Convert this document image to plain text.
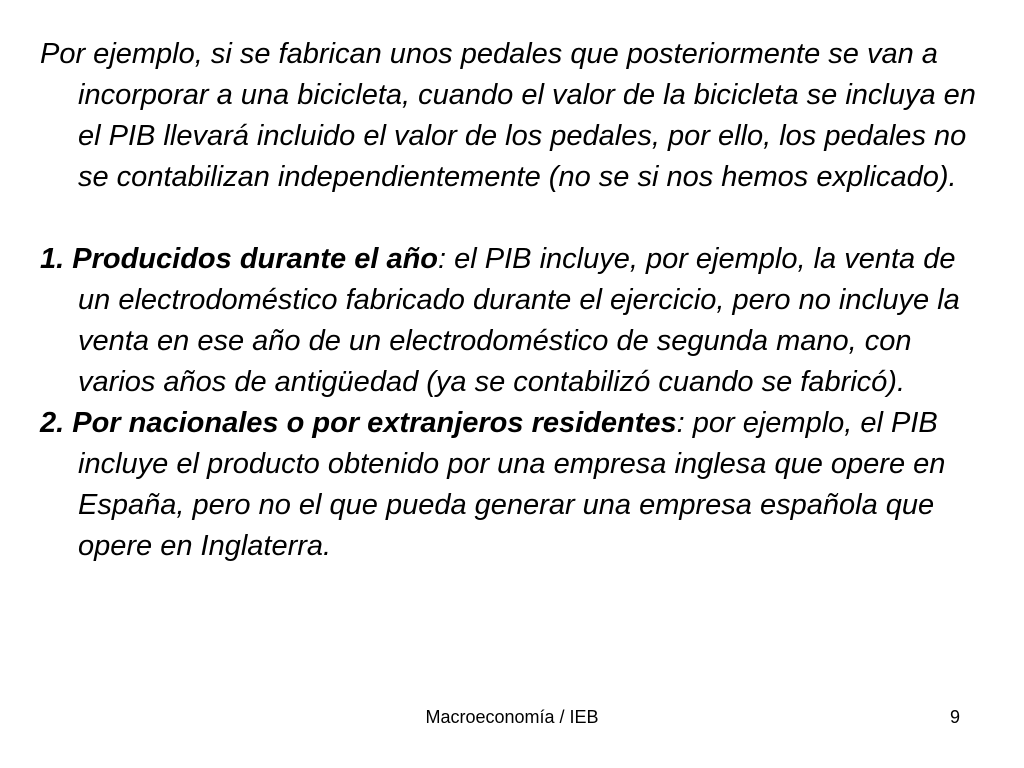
Por ejemplo, si se fabrican unos pedales que posteriormente se van a incorporar a una bicicleta, cuando el valor de la bicicleta se incluya en el PIB llevará incluido el valor de los pedales, por ello, los pedales no se contabilizan independientemente (no se si nos hemos explicado).

1. Producidos durante el año: el PIB incluye, por ejemplo, la venta de un electrodoméstico fabricado durante el ejercicio, pero no incluye la venta en ese año de un electrodoméstico de segunda mano, con varios años de antigüedad (ya se contabilizó cuando se fabricó).

2. Por nacionales o por extranjeros residentes: por ejemplo, el PIB incluye el producto obtenido por una empresa inglesa que opere en España, pero no el que pueda generar una empresa española que opere en Inglaterra.

Macroeconomía / IEB	9
